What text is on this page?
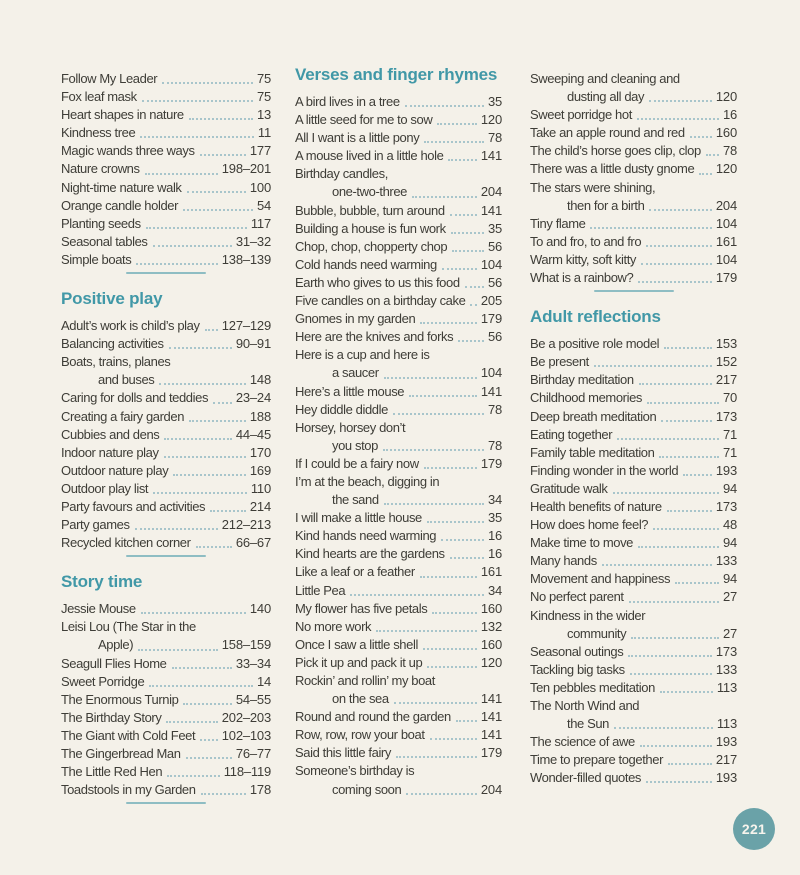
Follow My Leader	75
Fox leaf mask	75
Heart shapes in nature	13
Kindness tree	11
Magic wands three ways	177
Nature crowns	198–201
Night-time nature walk	100
Orange candle holder	54
Planting seeds	117
Seasonal tables	31–32
Simple boats	138–139
Positive play
Adult’s work is child’s play 127–129
Balancing activities	90–91
Boats, trains, planes
and buses	148
Caring for dolls and teddies 23–24
Creating a fairy garden	188
Cubbies and dens	44–45
Indoor nature play	170
Outdoor nature play	169
Outdoor play list	110
Party favours and activities	214
Party games	212–213
Recycled kitchen corner	66–67
Story time
Jessie Mouse	140
Leisi Lou (The Star in the
Apple)	158–159
Seagull Flies Home	33–34
Sweet Porridge	14
The Enormous Turnip	54–55
The Birthday Story	202–203
The Giant with Cold Feet 102–103
The Gingerbread Man	76–77
The Little Red Hen	118–119
Toadstools in my Garden	178
Verses and finger rhymes
A bird lives in a tree	35
A little seed for me to sow	120
All I want is a little pony	78
A mouse lived in a little hole	141
Birthday candles,
one-two-three	204
Bubble, bubble, turn around	141
Building a house is fun work	35
Chop, chop, chopperty chop	56
Cold hands need warming	104
Earth who gives to us this food 56
Five candles on a birthday cake 205
Gnomes in my garden	179
Here are the knives and forks	56
Here is a cup and here is
a saucer	104
Here’s a little mouse	141
Hey diddle diddle	78
Horsey, horsey don’t
you stop	78
If I could be a fairy now	179
I’m at the beach, digging in
the sand	34
I will make a little house	35
Kind hands need warming	16
Kind hearts are the gardens	16
Like a leaf or a feather	161
Little Pea	34
My flower has five petals	160
No more work	132
Once I saw a little shell	160
Pick it up and pack it up	120
Rockin’ and rollin’ my boat
on the sea	141
Round and round the garden 141
Row, row, row your boat	141
Said this little fairy	179
Someone’s birthday is
coming soon	204
Sweeping and cleaning and
dusting all day	120
Sweet porridge hot	16
Take an apple round and red 160
The child’s horse goes clip, clop 78
There was a little dusty gnome 120
The stars were shining,
then for a birth	204
Tiny flame	104
To and fro, to and fro	161
Warm kitty, soft kitty	104
What is a rainbow?	179
Adult reflections
Be a positive role model	153
Be present	152
Birthday meditation	217
Childhood memories	70
Deep breath meditation	173
Eating together	71
Family table meditation	71
Finding wonder in the world	193
Gratitude walk	94
Health benefits of nature	173
How does home feel?	48
Make time to move	94
Many hands	133
Movement and happiness	94
No perfect parent	27
Kindness in the wider
community	27
Seasonal outings	173
Tackling big tasks	133
Ten pebbles meditation	113
The North Wind and
the Sun	113
The science of awe	193
Time to prepare together	217
Wonder-filled quotes	193
221
